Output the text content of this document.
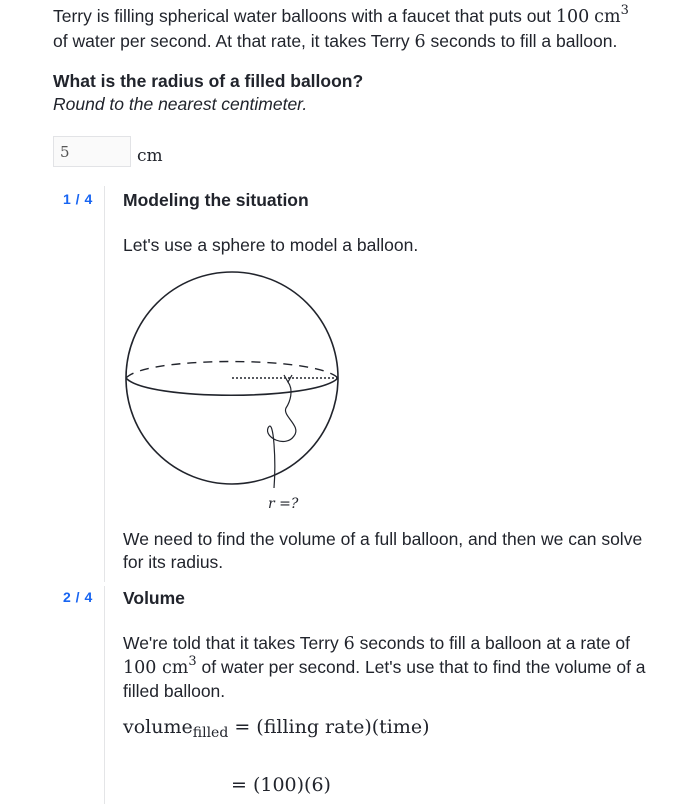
Terry is filling spherical water balloons with a faucet that puts out 100 $cm^3$
of water per second. At that rate, it takes Terry 6 seconds to fill a balloon.
What is the radius of a filled balloon?
Round to the nearest centimeter.
5	cm
1 / 4 Modeling the situation
Let's use a sphere to model a balloon.
r =?
We need to find the volume of a full balloon, and then we can solve for its radius.
2 / 4 Volume
We're told that it takes Terry 6 seconds to fill a balloon at a rate of 100 $cm^3$ of water per second. Let's use that to find the volume of a filled balloon.
volume$_{filled}$ = (filling rate)(time)
= (100)(6)
